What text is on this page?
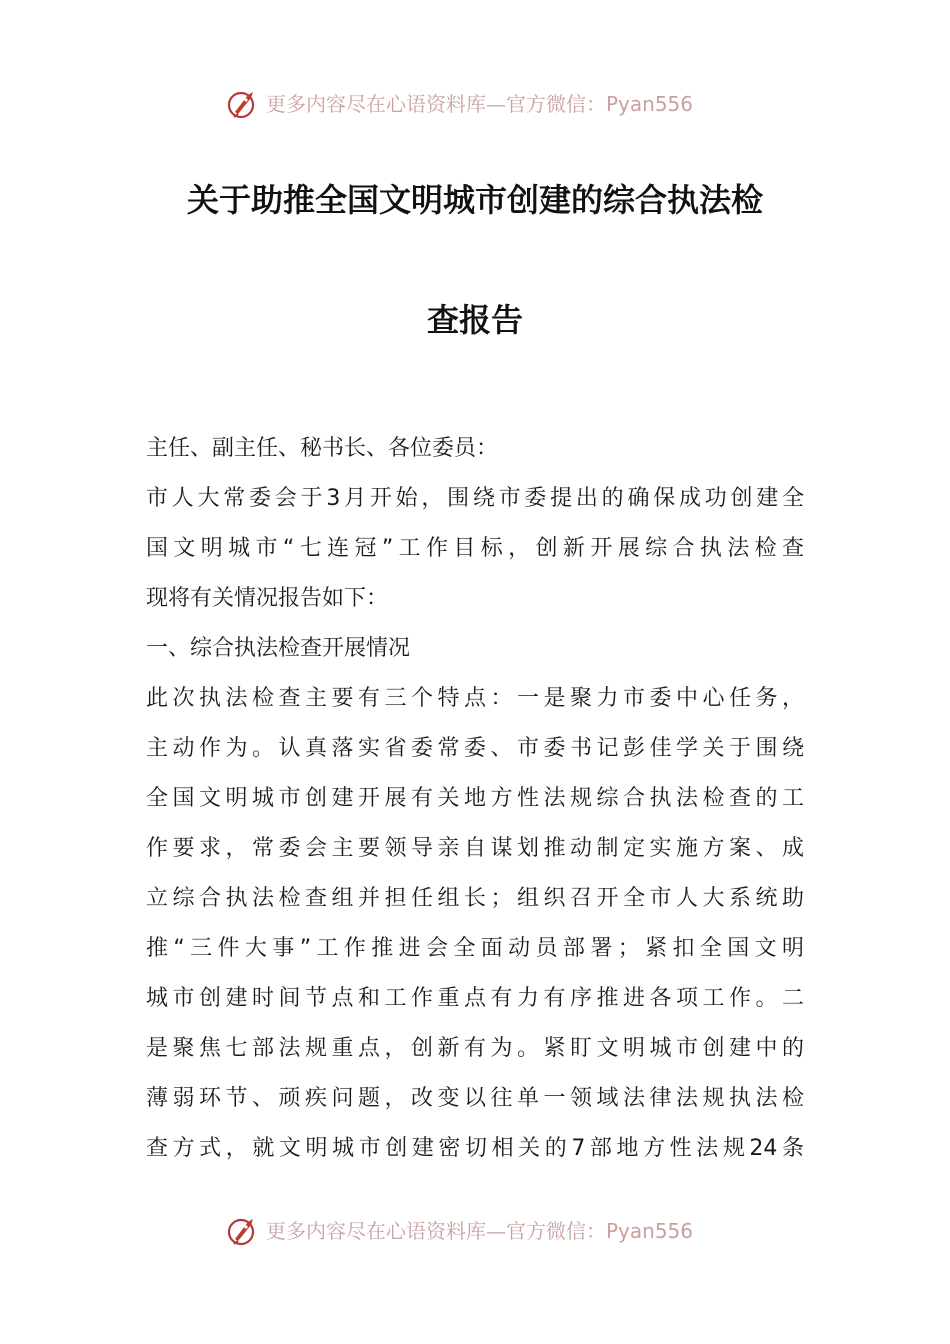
更多内容尽在心语资料库—官方微信：Pyan556
关于助推全国文明城市创建的综合执法检
查报告
主任、副主任、秘书长、各位委员：
市人大常委会于3月开始，围绕市委提出的确保成功创建全
国文明城市“七连冠”工作目标，创新开展综合执法检查
现将有关情况报告如下：
一、综合执法检查开展情况
此次执法检查主要有三个特点：一是聚力市委中心任务，
主动作为。认真落实省委常委、市委书记彭佳学关于围绕
全国文明城市创建开展有关地方性法规综合执法检查的工
作要求，常委会主要领导亲自谋划推动制定实施方案、成
立综合执法检查组并担任组长；组织召开全市人大系统助
推“三件大事”工作推进会全面动员部署；紧扣全国文明
城市创建时间节点和工作重点有力有序推进各项工作。二
是聚焦七部法规重点，创新有为。紧盯文明城市创建中的
薄弱环节、顽疾问题，改变以往单一领域法律法规执法检
查方式，就文明城市创建密切相关的7部地方性法规24条
更多内容尽在心语资料库—官方微信：Pyan556
